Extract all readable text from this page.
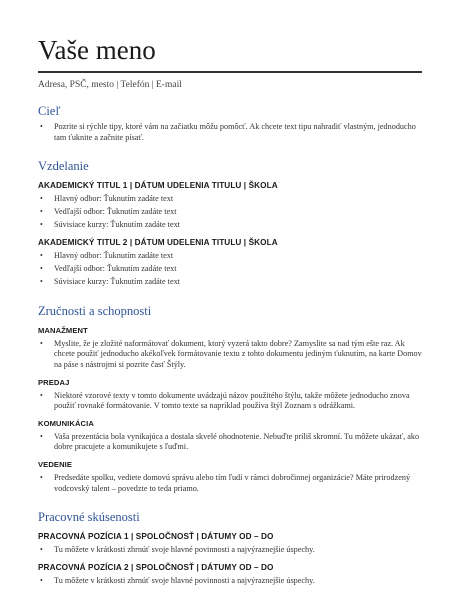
Vaše meno
Adresa, PSČ, mesto | Telefón | E-mail
Cieľ
• Pozrite si rýchle tipy, ktoré vám na začiatku môžu pomôcť. Ak chcete text tipu nahradiť vlastným, jednoducho tam ťuknite a začnite písať.
Vzdelanie
AKADEMICKÝ TITUL 1 | DÁTUM UDELENIA TITULU | ŠKOLA
• Hlavný odbor: Ťuknutím zadáte text
• Vedľajší odbor: Ťuknutím zadáte text
• Súvisiace kurzy: Ťuknutím zadáte text
AKADEMICKÝ TITUL 2 | DÁTUM UDELENIA TITULU | ŠKOLA
• Hlavný odbor: Ťuknutím zadáte text
• Vedľajší odbor: Ťuknutím zadáte text
• Súvisiace kurzy: Ťuknutím zadáte text
Zručnosti a schopnosti
MANAŽMENT
• Myslite, že je zložité naformátovať dokument, ktorý vyzerá takto dobre? Zamyslite sa nad tým ešte raz. Ak chcete použiť jednoducho akékoľvek formátovanie textu z tohto dokumentu jediným ťuknutím, na karte Domov na páse s nástrojmi si pozrite časť Štýly.
PREDAJ
• Niektoré vzorové texty v tomto dokumente uvádzajú názov použitého štýlu, takže môžete jednoducho znova použiť rovnaké formátovanie. V tomto texte sa napríklad používa štýl Zoznam s odrážkami.
KOMUNIKÁCIA
• Vaša prezentácia bola vynikajúca a dostala skvelé ohodnotenie. Nebuďte príliš skromní. Tu môžete ukázať, ako dobre pracujete a komunikujete s ľuďmi.
VEDENIE
• Predsedáte spolku, vediete domovú správu alebo tím ľudí v rámci dobročinnej organizácie? Máte prirodzený vodcovský talent – povedzte to teda priamo.
Pracovné skúsenosti
PRACOVNÁ POZÍCIA 1 | SPOLOČNOSŤ | DÁTUMY OD – DO
• Tu môžete v krátkosti zhrnúť svoje hlavné povinnosti a najvýraznejšie úspechy.
PRACOVNÁ POZÍCIA 2 | SPOLOČNOSŤ | DÁTUMY OD – DO
• Tu môžete v krátkosti zhrnúť svoje hlavné povinnosti a najvýraznejšie úspechy.
